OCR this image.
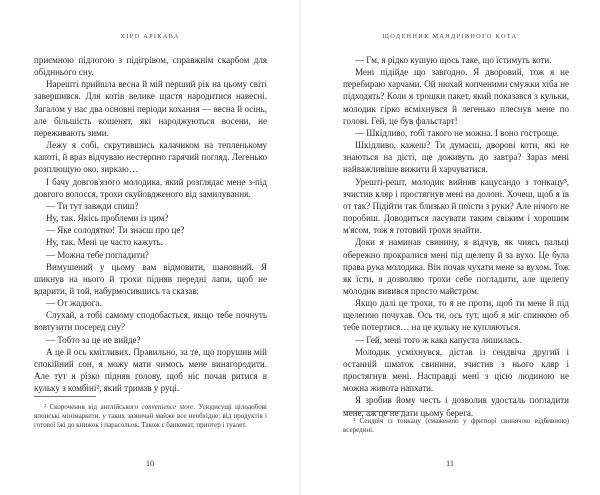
ХІРО АРІКАВА

приємною підлогою з підігрівом, справжнім скарбом для обідннього сну.

Нарешті прийшла весна й мій перший рік на цьому світі завершився. Для котів велике щастя народитися навесні. Загалом у нас два основні періоди кохання — весна й осінь, але більшість кошенят, які народжуються восени, не переживають зими.

Лежу я собі, скрутившись калачиком на тепленькому капоті, й враз відчуваю нестерпно гарячий погляд. Легенько розплющую око, зиркаю…

І бачу довгов'язого молодика, який розглядає мене з-під довгого волосся, трохи скуйовдженого від замилування.

— Ти тут завжди спиш?

Ну, так. Якісь проблеми із цим?

— Яке солодятко! Ти знаєш про це?

Ну, так. Мені це часто кажуть.

— Можна тебе погладити?

Вимушений у цьому вам відмовити, шановний. Я шикнув на нього й трохи підняв передні лапи, щоб не вдарити, й той, набурмосившись та сказав:

— От жадюга.

Слухай, а тобі самому сподобається, якщо тебе почнуть вовтузити посеред сну?

— Тобто за це не вийде?

А це й ось кмітливих. Правильно, за те, що порушив мій спокійний сон, я можу мати чимось мене винагородити. Але тут я різко підняв голову, щоб ніс почав ритися в кульку з комбіні², який тримав у руці.

² Скорочення від англійського convenience store. Усюдисущі цілодобові японські мінімаркети, у таких зазвичай майже все необхідне: від продуктів і готової їжі до книжок і парасольок. Також є банкомат, принтер і туалет.

10
ЩОДЕННИК МАНДРІВНОГО КОТА

— Гм, я рідко кушую щось таке, що їстимуть коти.

Мені підійде що завгодно. Я дворовий, тож я не перебираю харчами. Ой нюхай копченими смужки хіба не підходять? Коли я трошки пакет, який показався з кульки, молодик гірко всміхнувся й легенько плеснув мене по голові. Гей, це був фальстарт!

— Шкідливо, тобі такого не можна. І воно гостроще.

Шкідливо, кажеш? Ти думаєш, дворові коти, які не знаються на дієті, ще доживуть до завтра? Зараз мені найважливіше вижити й харчуватися.

Урешті-решт, молодик вийняв кацусандо з тонкацу³, зчистив кляр і простягнув мені на долоні. Хочеш, щоб я їв от так? Підійти так близько й поїсти з руки? Але нічого не поробиш. Доводиться ласувати таким свіжим і хорошим м'ясом, тож я готовий трохи знайти.

Доки я наминав свинину, я відчув, як чиясь пальці обережно прокралися мені під щелепу й за вухо. Це була права рука молодика. Він почав чухати мене за вухом. Тож як їсти, я дозволяю трохи себе погладити, але щелепу молодик вивився просто майстром.

Якщо далі це трохи, то я не проти, щоб ти мене й під щелепою почухав. Ось ти, ось тут, щоб я міг спинкою об тебе потертися… на це кульку не купляються.

— Гей, мені того ж кака капуста лишилась.

Молодик усміхнувся, дістав із сендвіча другий і останній шматок свинини, зчистив з нього кляр і простягнув мені. Насправді мені з цією людиною не можна живота напхати.

Я зробив йому честь і дозволив удосталь погладити мене, аж це не дати цьому берега.

³ Сендвіч із тонкацу (смаженою у фритюрі свинячою відбивною) всередині.

11
